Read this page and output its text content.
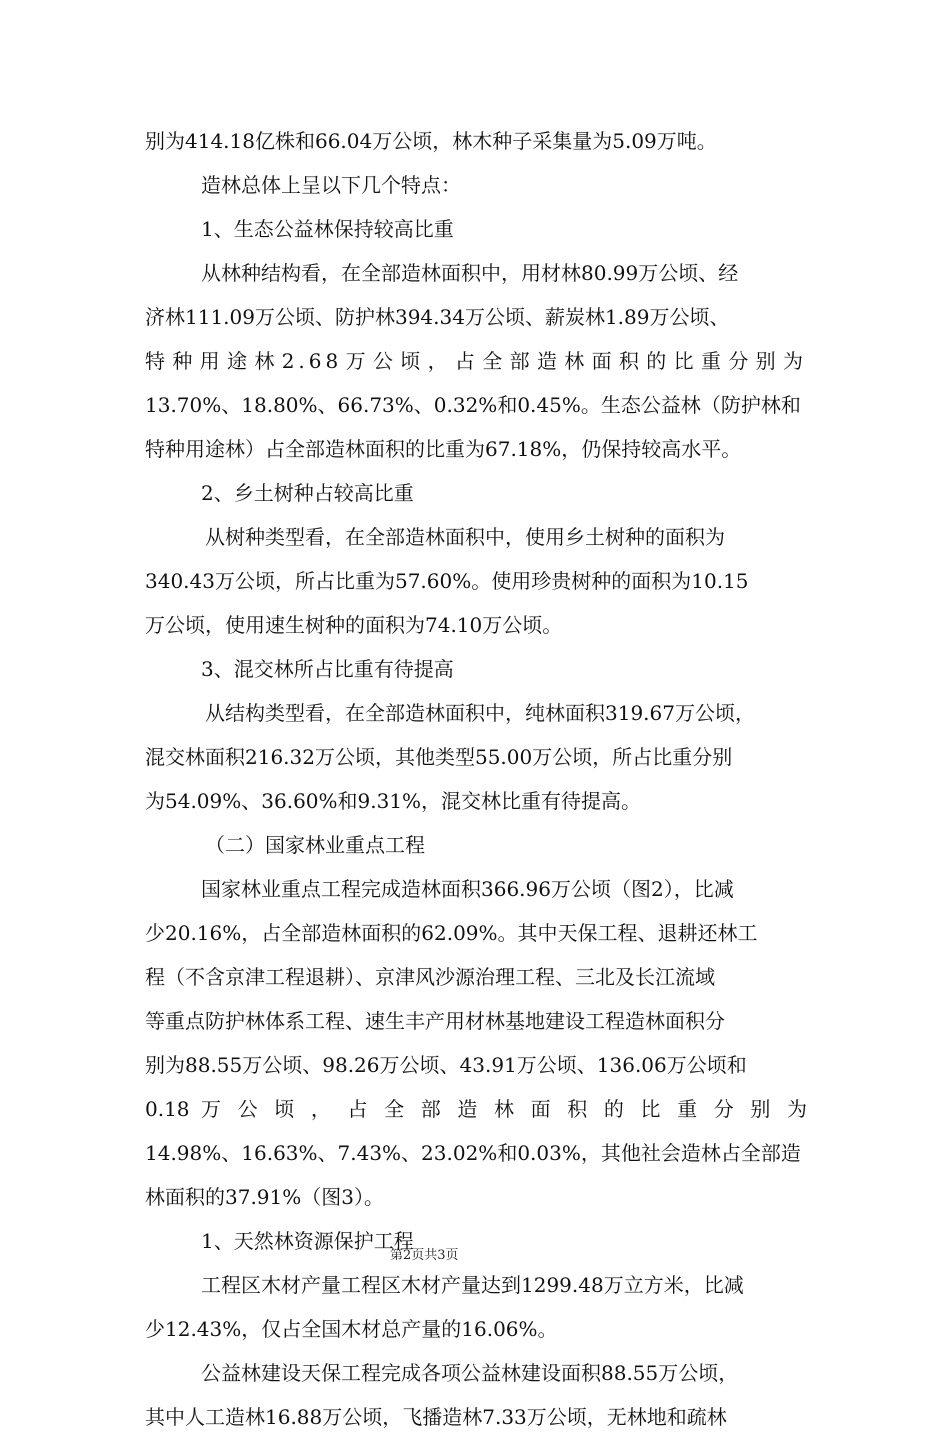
别为414.18亿株和66.04万公顷，林木种子采集量为5.09万吨。
造林总体上呈以下几个特点：
1、生态公益林保持较高比重
从林种结构看，在全部造林面积中，用材林80.99万公顷、经
济林111.09万公顷、防护林394.34万公顷、薪炭林1.89万公顷、
特种用途林2.68万公顷，占全部造林面积的比重分别为
13.70%、18.80%、66.73%、0.32%和0.45%。生态公益林（防护林和
特种用途林）占全部造林面积的比重为67.18%，仍保持较高水平。
2、乡土树种占较高比重
从树种类型看，在全部造林面积中，使用乡土树种的面积为
340.43万公顷，所占比重为57.60%。使用珍贵树种的面积为10.15
万公顷，使用速生树种的面积为74.10万公顷。
3、混交林所占比重有待提高
从结构类型看，在全部造林面积中，纯林面积319.67万公顷，
混交林面积216.32万公顷，其他类型55.00万公顷，所占比重分别
为54.09%、36.60%和9.31%，混交林比重有待提高。
（二）国家林业重点工程
国家林业重点工程完成造林面积366.96万公顷（图2），比减
少20.16%，占全部造林面积的62.09%。其中天保工程、退耕还林工
程（不含京津工程退耕）、京津风沙源治理工程、三北及长江流域
等重点防护林体系工程、速生丰产用材林基地建设工程造林面积分
别为88.55万公顷、98.26万公顷、43.91万公顷、136.06万公顷和
0.18 万 公 顷 ， 占 全 部 造 林 面 积 的 比 重 分 别 为
14.98%、16.63%、7.43%、23.02%和0.03%，其他社会造林占全部造
林面积的37.91%（图3）。
1、天然林资源保护工程
工程区木材产量工程区木材产量达到1299.48万立方米，比减
少12.43%，仅占全国木材总产量的16.06%。
公益林建设天保工程完成各项公益林建设面积88.55万公顷，
其中人工造林16.88万公顷，飞播造林7.33万公顷，无林地和疏林
第2页共3页
